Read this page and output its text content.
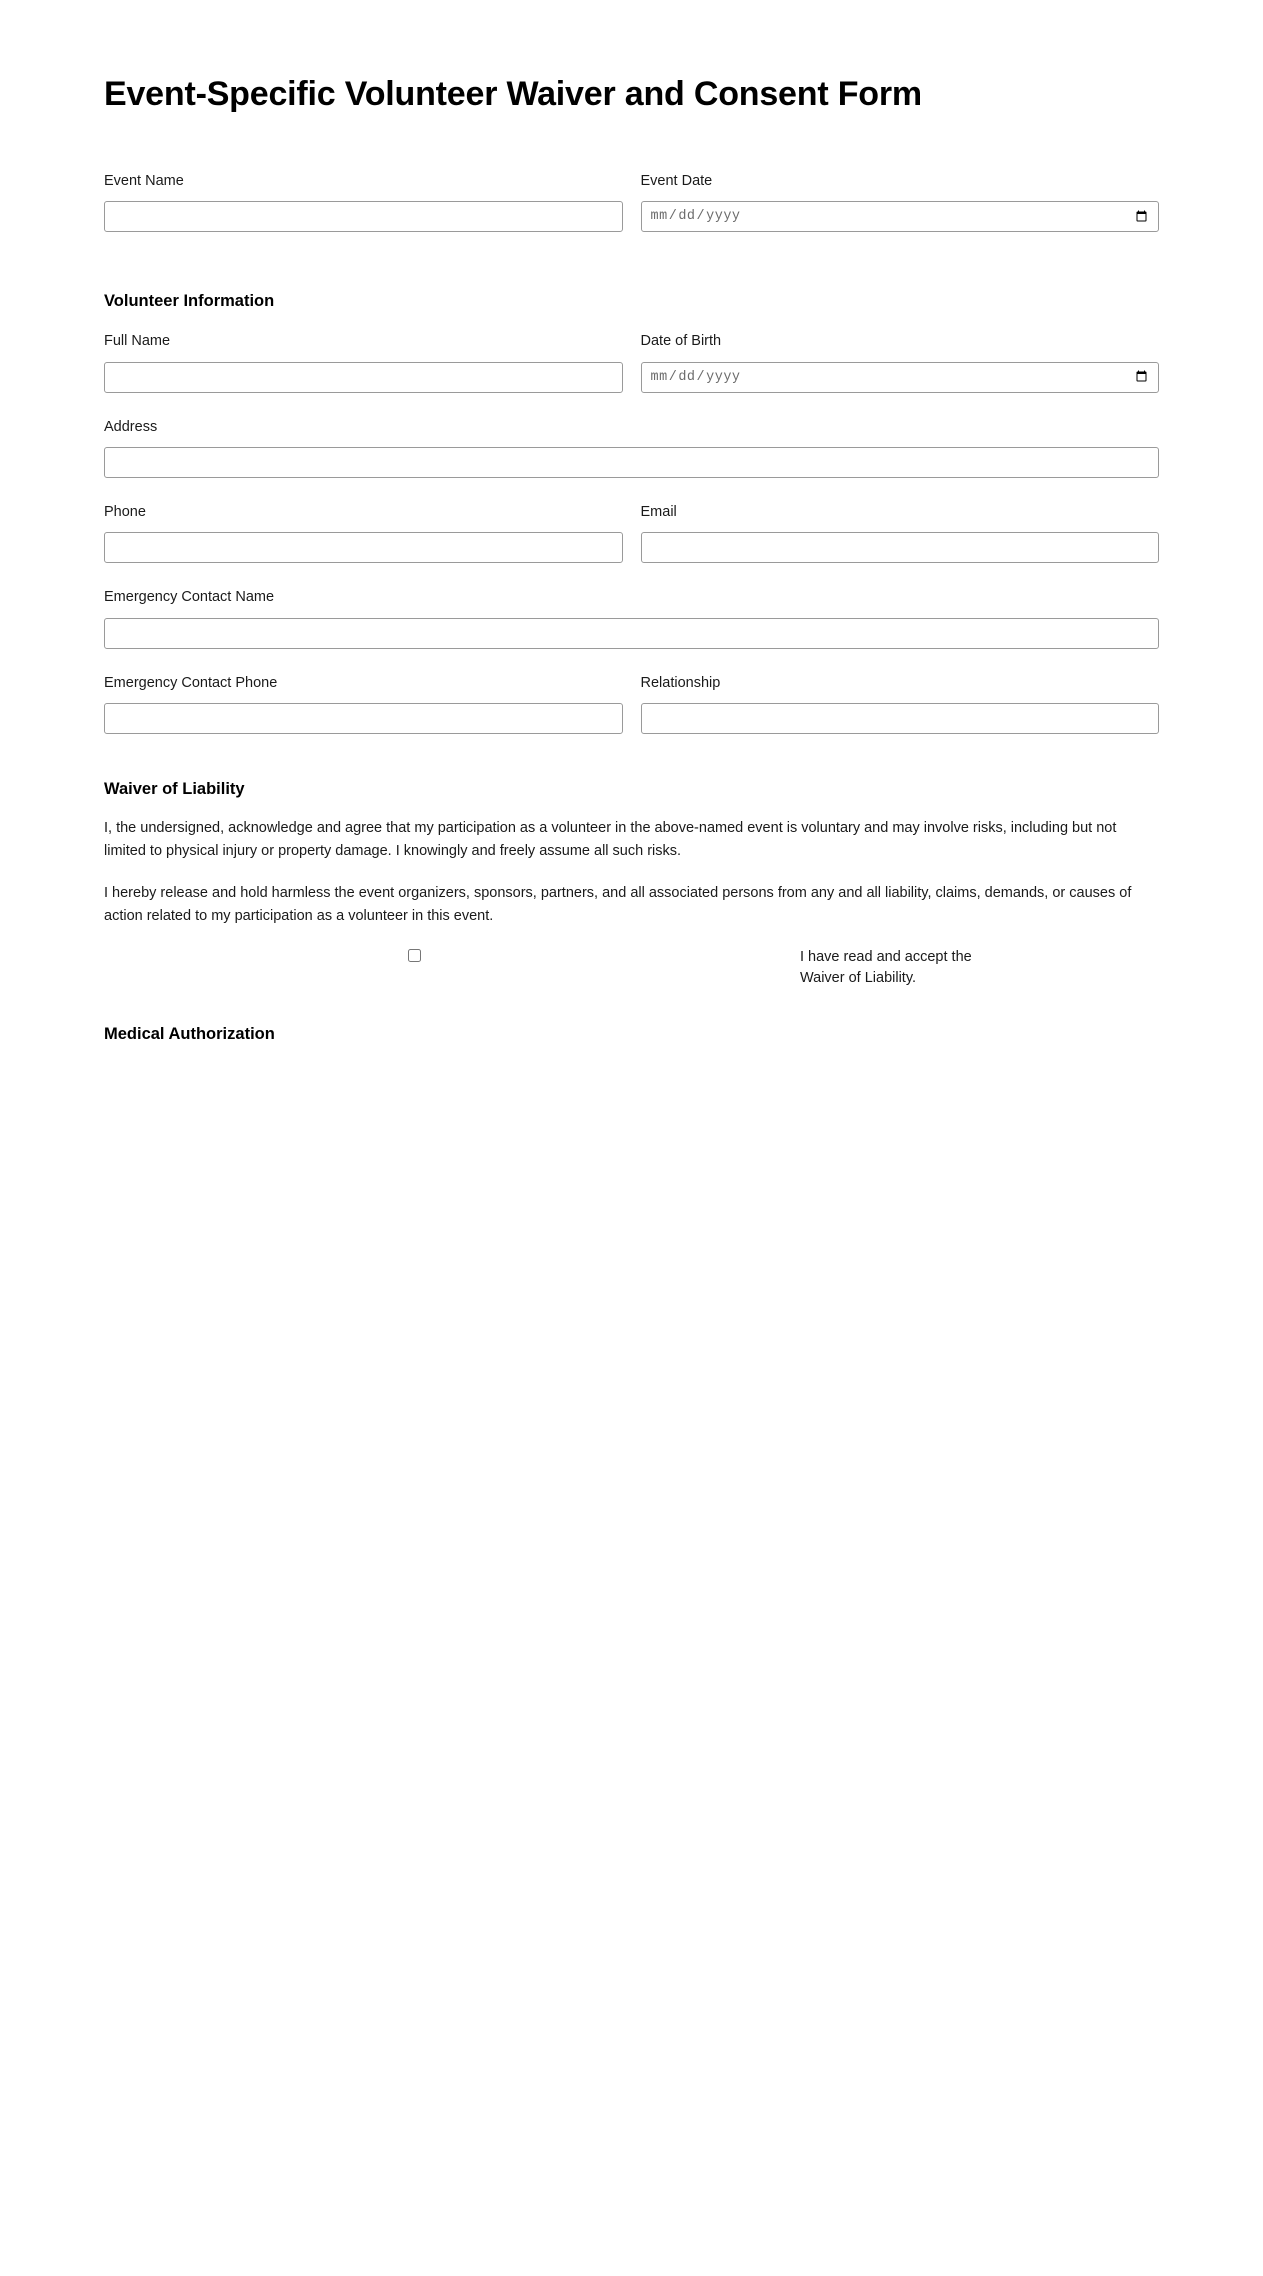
Event-Specific Volunteer Waiver and Consent Form
Event Name	Event Date
Volunteer Information
Full Name	Date of Birth
Address
Phone	Email
Emergency Contact Name
Emergency Contact Phone	Relationship
Waiver of Liability

I, the undersigned, acknowledge and agree that my participation as a volunteer in the above-named event is voluntary and may involve risks, including but not limited to physical injury or property damage. I knowingly and freely assume all such risks.

I hereby release and hold harmless the event organizers, sponsors, partners, and all associated persons from any and all liability, claims, demands, or causes of action related to my participation as a volunteer in this event.

I have read and accept the Waiver of Liability.
Medical Authorization
